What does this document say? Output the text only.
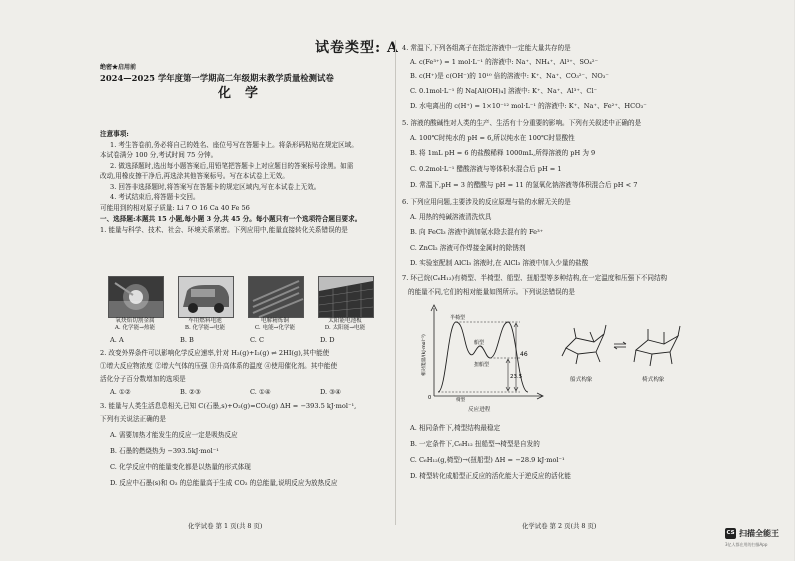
试卷类型: A
绝密★启用前
2024—2025 学年度第一学期高二年级期末教学质量检测试卷
化学
注意事项:
1. 考生答卷前,务必将自己的姓名、座位号写在答题卡上。将条形码粘贴在规定区域。
本试卷满分 100 分,考试时间 75 分钟。
2. 做选择题时,选出每小题答案后,用铅笔把答题卡上对应题目的答案标号涂黑。如需
改动,用橡皮擦干净后,再选涂其他答案标号。写在本试卷上无效。
3. 回答非选择题时,将答案写在答题卡的规定区域内,写在本试卷上无效。
4. 考试结束后,将答题卡交回。
可能用到的相对原子质量: Li 7 O 16 Ca 40 Fe 56
一、选择题:本题共 15 小题,每小题 3 分,共 45 分。每小题只有一个选项符合题目要求。
1. 能量与科学、技术、社会、环境关系紧密。下列应用中,能量直接转化关系错误的是
氧炔焰切割金属
A. 化学能→热能
车用燃料电池
B. 化学能→电能
电解精炼铜
C. 电能→化学能
太阳能电池板
D. 太阳能→电能
A. A	B. B	C. C	D. D
2. 改变外界条件可以影响化学反应速率,针对 H₂(g)+I₂(g) ⇌ 2HI(g),其中能使
①增大反应物浓度 ②增大气体的压强 ③升高体系的温度 ④使用催化剂。其中能使
活化分子百分数增加的选项是
A. ①②	B. ②③	C. ①④	D. ③④
3. 能量与人类生活息息相关,已知 C(石墨,s)+O₂(g)=CO₂(g) ΔH = −393.5 kJ·mol⁻¹,
下列有关说法正确的是
A. 需要加热才能发生的反应一定是吸热反应
B. 石墨的燃烧热为 −393.5kJ·mol⁻¹
C. 化学反应中的能量变化都是以热量的形式体现
D. 反应中石墨(s)和 O₂ 的总能量高于生成 CO₂ 的总能量,说明反应为放热反应
化学试卷 第 1 页(共 8 页)
4. 常温下,下列各组离子在指定溶液中一定能大量共存的是
A. c(Fe³⁺) = 1 mol·L⁻¹ 的溶液中: Na⁺、NH₄⁺、Al³⁺、SO₄²⁻
B. c(H⁺)是 c(OH⁻)的 10¹⁰ 倍的溶液中: K⁺、Na⁺、CO₃²⁻、NO₃⁻
C. 0.1mol·L⁻¹ 的 Na[Al(OH)₄] 溶液中: K⁺、Na⁺、Al³⁺、Cl⁻
D. 水电离出的 c(H⁺) = 1×10⁻¹² mol·L⁻¹ 的溶液中: K⁺、Na⁺、Fe²⁺、HCO₃⁻
5. 溶液的酸碱性对人类的生产、生活有十分重要的影响。下列有关叙述中正确的是
A. 100℃时纯水的 pH = 6,所以纯水在 100℃时显酸性
B. 将 1mL pH = 6 的盐酸稀释 1000mL,所得溶液的 pH 为 9
C. 0.2mol·L⁻¹ 醋酸溶液与等体积水混合后 pH = 1
D. 常温下,pH = 3 的醋酸与 pH = 11 的氢氧化钠溶液等体积混合后 pH < 7
6. 下列应用问题,主要涉及的反应原理与盐的水解无关的是
A. 用热的纯碱溶液清洗炊具
B. 向 FeCl₃ 溶液中滴加氨水除去混有的 Fe³⁺
C. ZnCl₂ 溶液可作焊接金属时的除锈剂
D. 实验室配制 AlCl₃ 溶液时,在 AlCl₃ 溶液中加入少量的盐酸
7. 环己烷(C₆H₁₂)有椅型、半椅型、船型、扭船型等多种结构,在一定温度和压强下不同结构
的能量不同,它们的相对能量如图所示。下列说法错误的是
0
46
23.5
半椅型
船型
扭船型
椅型
相对能量/(kJ·mol⁻¹)
反应进程
船式构象	椅式构象
A. 相同条件下,椅型结构最稳定
B. 一定条件下,C₆H₁₂ 扭船型→椅型是自发的
C. C₆H₁₂(g,椅型)→(扭船型) ΔH = −28.9 kJ·mol⁻¹
D. 椅型转化成船型正反应的活化能大于逆反应的活化能
化学试卷 第 2 页(共 8 页)
CS 扫描全能王
3亿人都在用的扫描App
